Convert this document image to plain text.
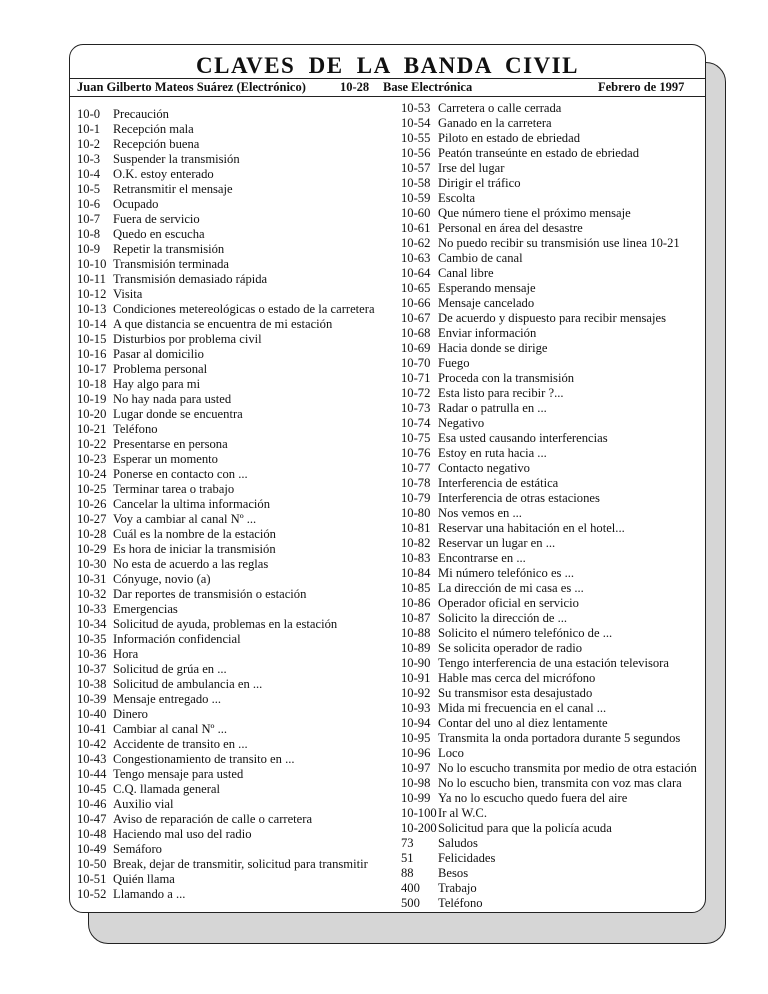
CLAVES DE LA BANDA CIVIL
Juan Gilberto Mateos Suárez (Electrónico)	10-28 Base Electrónica	Febrero de 1997
10-0 Precaución
10-1 Recepción mala
10-2 Recepción buena
10-3 Suspender la transmisión
10-4 O.K. estoy enterado
10-5 Retransmitir el mensaje
10-6 Ocupado
10-7 Fuera de servicio
10-8 Quedo en escucha
10-9 Repetir la transmisión
10-10 Transmisión terminada
10-11 Transmisión demasiado rápida
10-12 Visita
10-13 Condiciones metereológicas o estado de la carretera
10-14 A que distancia se encuentra de mi estación
10-15 Disturbios por problema civil
10-16 Pasar al domicilio
10-17 Problema personal
10-18 Hay algo para mi
10-19 No hay nada para usted
10-20 Lugar donde se encuentra
10-21 Teléfono
10-22 Presentarse en persona
10-23 Esperar un momento
10-24 Ponerse en contacto con ...
10-25 Terminar tarea o trabajo
10-26 Cancelar la ultima información
10-27 Voy a cambiar al canal Nº ...
10-28 Cuál es la nombre de la estación
10-29 Es hora de iniciar la transmisión
10-30 No esta de acuerdo a las reglas
10-31 Cónyuge, novio (a)
10-32 Dar reportes de transmisión o estación
10-33 Emergencias
10-34 Solicitud de ayuda, problemas en la estación
10-35 Información confidencial
10-36 Hora
10-37 Solicitud de grúa en ...
10-38 Solicitud de ambulancia en ...
10-39 Mensaje entregado ...
10-40 Dinero
10-41 Cambiar al canal Nº ...
10-42 Accidente de transito en ...
10-43 Congestionamiento de transito en ...
10-44 Tengo mensaje para usted
10-45 C.Q. llamada general
10-46 Auxilio vial
10-47 Aviso de reparación de calle o carretera
10-48 Haciendo mal uso del radio
10-49 Semáforo
10-50 Break, dejar de transmitir, solicitud para transmitir
10-51 Quién llama
10-52 Llamando a ...
10-53 Carretera o calle cerrada
10-54 Ganado en la carretera
10-55 Piloto en estado de ebriedad
10-56 Peatón transeúnte en estado de ebriedad
10-57 Irse del lugar
10-58 Dirigir el tráfico
10-59 Escolta
10-60 Que número tiene el próximo mensaje
10-61 Personal en área del desastre
10-62 No puedo recibir su transmisión use linea 10-21
10-63 Cambio de canal
10-64 Canal libre
10-65 Esperando mensaje
10-66 Mensaje cancelado
10-67 De acuerdo y dispuesto para recibir mensajes
10-68 Enviar información
10-69 Hacia donde se dirige
10-70 Fuego
10-71 Proceda con la transmisión
10-72 Esta listo para recibir ?...
10-73 Radar o patrulla en ...
10-74 Negativo
10-75 Esa usted causando interferencias
10-76 Estoy en ruta hacia ...
10-77 Contacto negativo
10-78 Interferencia de estática
10-79 Interferencia de otras estaciones
10-80 Nos vemos en ...
10-81 Reservar una habitación en el hotel...
10-82 Reservar un lugar en ...
10-83 Encontrarse en ...
10-84 Mi número telefónico es ...
10-85 La dirección de mi casa es ...
10-86 Operador oficial en servicio
10-87 Solicito la dirección de ...
10-88 Solicito el número telefónico de ...
10-89 Se solicita operador de radio
10-90 Tengo interferencia de una estación televisora
10-91 Hable mas cerca del micrófono
10-92 Su transmisor esta desajustado
10-93 Mida mi frecuencia en el canal ...
10-94 Contar del uno al diez lentamente
10-95 Transmita la onda portadora durante 5 segundos
10-96 Loco
10-97 No lo escucho transmita por medio de otra estación
10-98 No lo escucho bien, transmita con voz mas clara
10-99 Ya no lo escucho quedo fuera del aire
10-100 Ir al W.C.
10-200 Solicitud para que la policía acuda
73 Saludos
51 Felicidades
88 Besos
400 Trabajo
500 Teléfono
